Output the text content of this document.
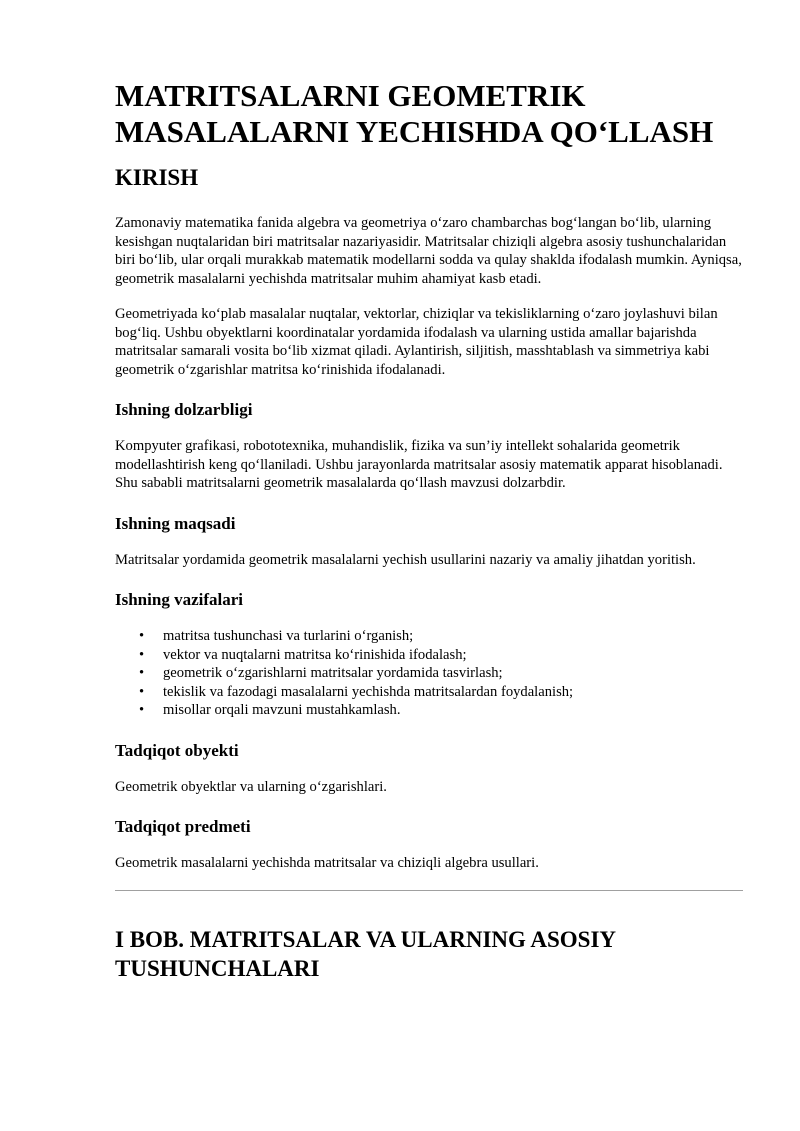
MATRITSALARNI GEOMETRIK MASALALARNI YECHISHDA QO‘LLASH
KIRISH

Zamonaviy matematika fanida algebra va geometriya o‘zaro chambarchas bog‘langan bo‘lib, ularning kesishgan nuqtalaridan biri matritsalar nazariyasidir. Matritsalar chiziqli algebra asosiy tushunchalaridan biri bo‘lib, ular orqali murakkab matematik modellarni sodda va qulay shaklda ifodalash mumkin. Ayniqsa, geometrik masalalarni yechishda matritsalar muhim ahamiyat kasb etadi.

Geometriyada ko‘plab masalalar nuqtalar, vektorlar, chiziqlar va tekisliklarning o‘zaro joylashuvi bilan bog‘liq. Ushbu obyektlarni koordinatalar yordamida ifodalash va ularning ustida amallar bajarishda matritsalar samarali vosita bo‘lib xizmat qiladi. Aylantirish, siljitish, masshtablash va simmetriya kabi geometrik o‘zgarishlar matritsa ko‘rinishida ifodalanadi.

Ishning dolzarbligi

Kompyuter grafikasi, robototexnika, muhandislik, fizika va sun’iy intellekt sohalarida geometrik modellashtirish keng qo‘llaniladi. Ushbu jarayonlarda matritsalar asosiy matematik apparat hisoblanadi. Shu sababli matritsalarni geometrik masalalarda qo‘llash mavzusi dolzarbdir.

Ishning maqsadi

Matritsalar yordamida geometrik masalalarni yechish usullarini nazariy va amaliy jihatdan yoritish.

Ishning vazifalari
• matritsa tushunchasi va turlarini o‘rganish;
• vektor va nuqtalarni matritsa ko‘rinishida ifodalash;
• geometrik o‘zgarishlarni matritsalar yordamida tasvirlash;
• tekislik va fazodagi masalalarni yechishda matritsalardan foydalanish;
• misollar orqali mavzuni mustahkamlash.
Tadqiqot obyekti

Geometrik obyektlar va ularning o‘zgarishlari.

Tadqiqot predmeti

Geometrik masalalarni yechishda matritsalar va chiziqli algebra usullari.

I BOB. MATRITSALAR VA ULARNING ASOSIY TUSHUNCHALARI
